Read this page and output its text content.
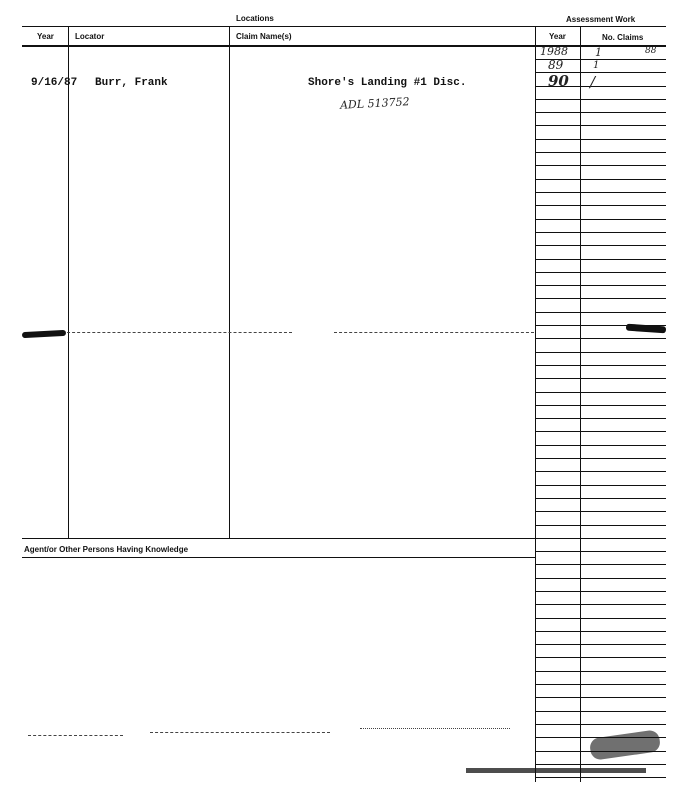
Locations	Assessment Work
Year	Locator	Claim Name(s)	Year	No. Claims
Agent/or Other Persons Having Knowledge
9/16/87 Burr, Frank	Shore's Landing #1 Disc.
ADL 513752
1988 1	88
89	1
90 /
